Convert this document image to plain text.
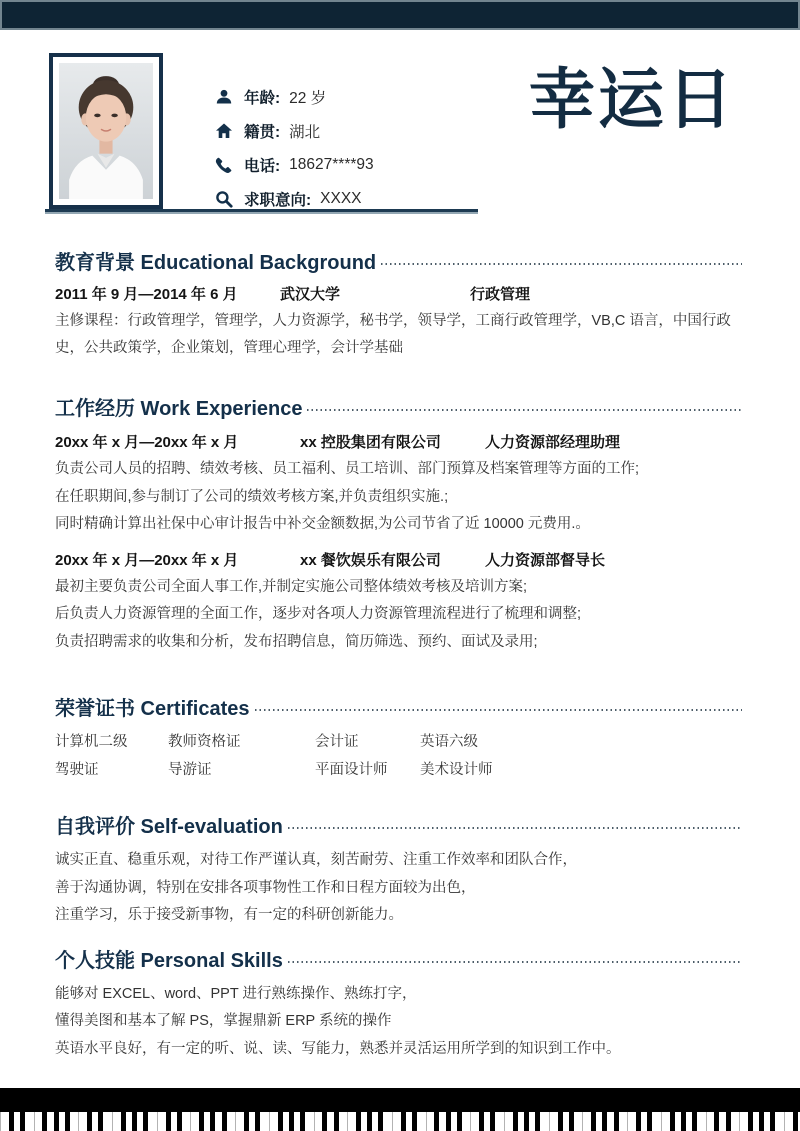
年龄: 22 岁
籍贯: 湖北
电话: 18627****93
求职意向: XXXX
幸运日
教育背景 Educational Background
2011 年 9 月—2014 年 6 月	武汉大学	行政管理

主修课程：行政管理学，管理学，人力资源学，秘书学，领导学，工商行政管理学，VB,C 语言，中国行政史，公共政策学，企业策划，管理心理学，会计学基础

工作经历 Work Experience
20xx 年 x 月—20xx 年 x 月	xx 控股集团有限公司	人力资源部经理助理
负责公司人员的招聘、绩效考核、员工福利、员工培训、部门预算及档案管理等方面的工作;
在任职期间,参与制订了公司的绩效考核方案,并负责组织实施.;
同时精确计算出社保中心审计报告中补交金额数据,为公司节省了近 10000 元费用.。
20xx 年 x 月—20xx 年 x 月	xx 餐饮娱乐有限公司	人力资源部督导长
最初主要负责公司全面人事工作,并制定实施公司整体绩效考核及培训方案;
后负责人力资源管理的全面工作，逐步对各项人力资源管理流程进行了梳理和调整;
负责招聘需求的收集和分析，发布招聘信息，简历筛选、预约、面试及录用;
荣誉证书 Certificates
计算机二级	教师资格证	会计证	英语六级
驾驶证	导游证	平面设计师	美术设计师
自我评价 Self-evaluation
诚实正直、稳重乐观，对待工作严谨认真，刻苦耐劳、注重工作效率和团队合作，
善于沟通协调，特别在安排各项事物性工作和日程方面较为出色，
注重学习，乐于接受新事物，有一定的科研创新能力。
个人技能 Personal Skills
能够对 EXCEL、word、PPT 进行熟练操作、熟练打字，
懂得美图和基本了解 PS，掌握鼎新 ERP 系统的操作
英语水平良好，有一定的听、说、读、写能力，熟悉并灵活运用所学到的知识到工作中。
